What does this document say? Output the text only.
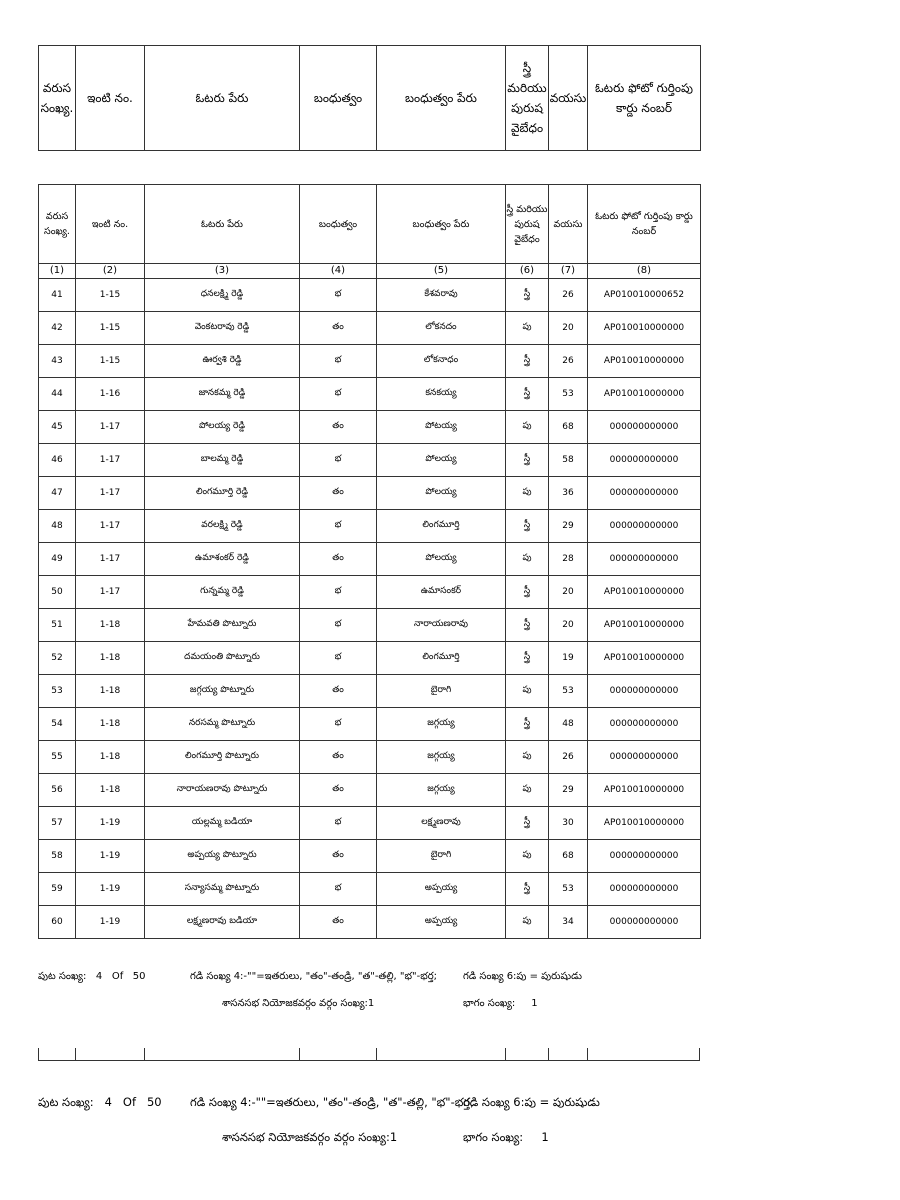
వరుస సంఖ్య.	ఇంటి నం.	ఓటరు పేరు	బంధుత్వం	బంధుత్వం పేరు	స్త్రీ మరియు పురుష వైబేధం	వయసు	ఓటరు ఫోటో గుర్తింపు కార్డు నంబర్
వరుస సంఖ్య.	ఇంటి నం.	ఓటరు పేరు	బంధుత్వం	బంధుత్వం పేరు	స్త్రీ మరియు పురుష వైబేధం	వయసు	ఓటరు ఫోటో గుర్తింపు కార్డు నంబర్
(1)	(2)	(3)	(4)	(5)	(6)	(7)	(8)
41	1-15	ధనలక్ష్మి రెడ్డి	భ	కేశవరావు	స్త్రీ	26	AP010010000652
42	1-15	వెంకటరావు రెడ్డి	తం	లోకనదం	పు	20	AP010010000000
43	1-15	ఊర్వశి రెడ్డి	భ	లోకనాధం	స్త్రీ	26	AP010010000000
44	1-16	జానకమ్మ రెడ్డి	భ	కనకయ్య	స్త్రీ	53	AP010010000000
45	1-17	పోలయ్య రెడ్డి	తం	పోటయ్య	పు	68	000000000000
46	1-17	బాలమ్మ రెడ్డి	భ	పోలయ్య	స్త్రీ	58	000000000000
47	1-17	లింగమూర్తి రెడ్డి	తం	పోలయ్య	పు	36	000000000000
48	1-17	వరలక్ష్మి రెడ్డి	భ	లింగమూర్తి	స్త్రీ	29	000000000000
49	1-17	ఉమాశంకర్ రెడ్డి	తం	పోలయ్య	పు	28	000000000000
50	1-17	గున్నమ్మ రెడ్డి	భ	ఉమాసంకర్	స్త్రీ	20	AP010010000000
51	1-18	హేమవతి పొట్నూరు	భ	నారాయణరావు	స్త్రీ	20	AP010010000000
52	1-18	దమయంతి పొట్నూరు	భ	లింగమూర్తి	స్త్రీ	19	AP010010000000
53	1-18	జగ్గయ్య పొట్నూరు	తం	బైరాగి	పు	53	000000000000
54	1-18	నరసమ్మ పొట్నూరు	భ	జగ్గయ్య	స్త్రీ	48	000000000000
55	1-18	లింగమూర్తి పొట్నూరు	తం	జగ్గయ్య	పు	26	000000000000
56	1-18	నారాయణరావు పొట్నూరు	తం	జగ్గయ్య	పు	29	AP010010000000
57	1-19	యల్లమ్మ బడియా	భ	లక్ష్మణరావు	స్త్రీ	30	AP010010000000
58	1-19	అప్పయ్య పొట్నూరు	తం	బైరాగి	పు	68	000000000000
59	1-19	సన్యాసమ్మ పొట్నూరు	భ	అప్పయ్య	స్త్రీ	53	000000000000
60	1-19	లక్ష్మణరావు బడియా	తం	అప్పయ్య	పు	34	000000000000
పుట సంఖ్య: 4 Of 50	గడి సంఖ్య 4:-""=ఇతరులు, "తం"-తండ్రి, "త"-తల్లి, "భ"-భర్త;	గడి సంఖ్య 6:పు = పురుషుడు
శాసనసభ నియోజకవర్గం వర్గం సంఖ్య:1	భాగం సంఖ్య: 1
పుట సంఖ్య: 4 Of 50 గడి సంఖ్య 4:-""=ఇతరులు, "తం"-తండ్రి, "త"-తల్లి, "భ"-భర్త;
గడి సంఖ్య 6:పు = పురుషుడు
శాసనసభ నియోజకవర్గం వర్గం సంఖ్య:1	భాగం సంఖ్య: 1
